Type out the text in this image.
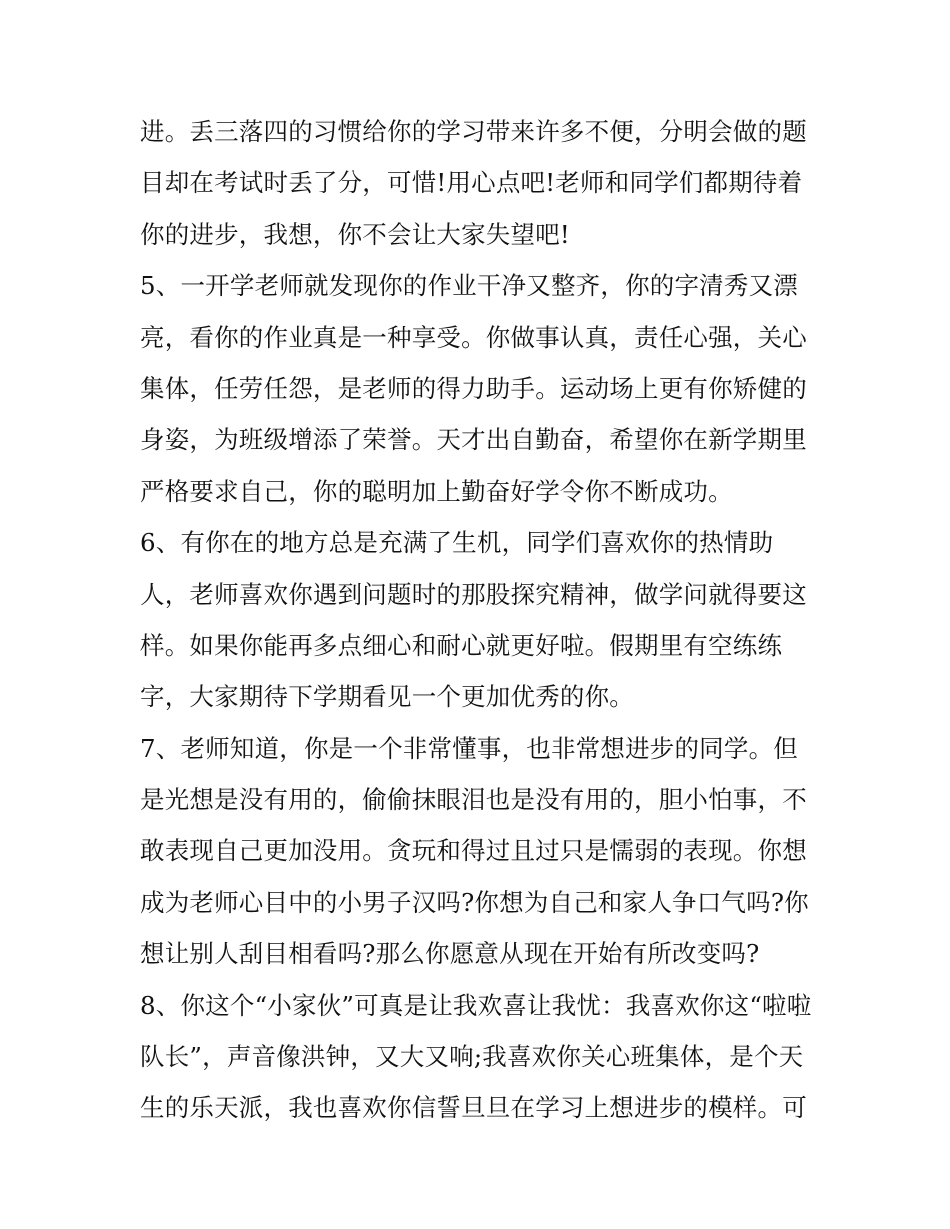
进。丢三落四的习惯给你的学习带来许多不便，分明会做的题
目却在考试时丢了分，可惜!用心点吧!老师和同学们都期待着
你的进步，我想，你不会让大家失望吧!
5、一开学老师就发现你的作业干净又整齐，你的字清秀又漂
亮，看你的作业真是一种享受。你做事认真，责任心强，关心
集体，任劳任怨，是老师的得力助手。运动场上更有你矫健的
身姿，为班级增添了荣誉。天才出自勤奋，希望你在新学期里
严格要求自己，你的聪明加上勤奋好学令你不断成功。
6、有你在的地方总是充满了生机，同学们喜欢你的热情助
人，老师喜欢你遇到问题时的那股探究精神，做学问就得要这
样。如果你能再多点细心和耐心就更好啦。假期里有空练练
字，大家期待下学期看见一个更加优秀的你。
7、老师知道，你是一个非常懂事，也非常想进步的同学。但
是光想是没有用的，偷偷抹眼泪也是没有用的，胆小怕事，不
敢表现自己更加没用。贪玩和得过且过只是懦弱的表现。你想
成为老师心目中的小男子汉吗?你想为自己和家人争口气吗?你
想让别人刮目相看吗?那么你愿意从现在开始有所改变吗?
8、你这个“小家伙”可真是让我欢喜让我忧：我喜欢你这“啦啦
队长”，声音像洪钟，又大又响;我喜欢你关心班集体，是个天
生的乐天派，我也喜欢你信誓旦旦在学习上想进步的模样。可
